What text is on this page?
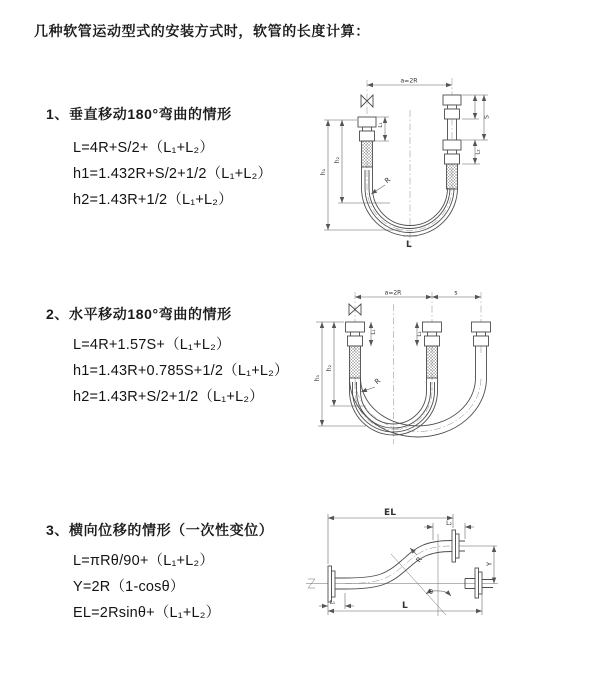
几种软管运动型式的安装方式时，软管的长度计算：
1、垂直移动180°弯曲的情形
L=4R+S/2+（L₁+L₂）
h1=1.432R+S/2+1/2（L₁+L₂）
h2=1.43R+1/2（L₁+L₂）
2、水平移动180°弯曲的情形
L=4R+1.57S+（L₁+L₂）
h1=1.43R+0.785S+1/2（L₁+L₂）
h2=1.43R+S/2+1/2（L₁+L₂）
3、横向位移的情形（一次性变位）
L=πRθ/90+（L₁+L₂）
Y=2R（1-cosθ）
EL=2Rsinθ+（L₁+L₂）
a=2R
h₁
h₂
L₁
S
L₂
R
L
a=2R	s
h₁
h₂
L₁	L₂
R
θ
EL
L₂
Y
L
L₁
R
